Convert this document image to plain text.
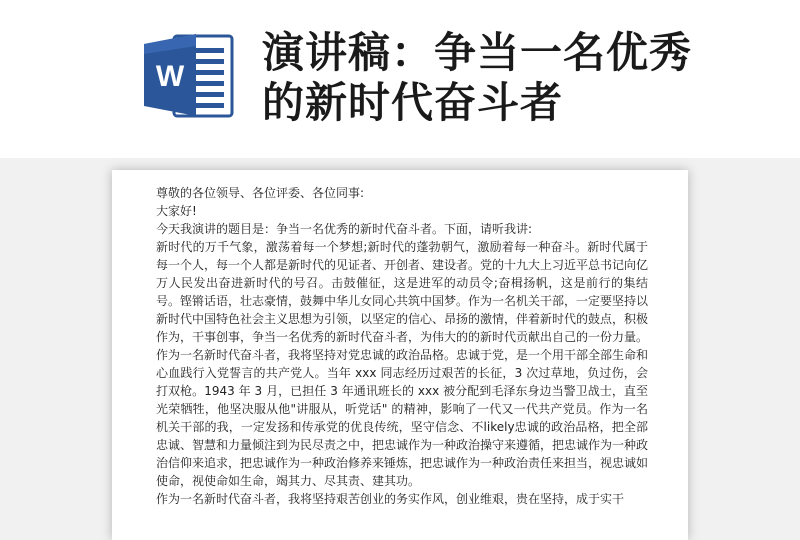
W 演讲稿：争当一名优秀的新时代奋斗者

尊敬的各位领导、各位评委、各位同事:

大家好!

今天我演讲的题目是：争当一名优秀的新时代奋斗者。下面，请听我讲:

新时代的万千气象，激荡着每一个梦想;新时代的蓬勃朝气，激励着每一种奋斗。新时代属于每一个人，每一个人都是新时代的见证者、开创者、建设者。党的十九大上习近平总书记向亿万人民发出奋进新时代的号召。击鼓催征，这是进军的动员令;奋楫扬帆，这是前行的集结号。铿锵话语，壮志豪情，鼓舞中华儿女同心共筑中国梦。作为一名机关干部，一定要坚持以新时代中国特色社会主义思想为引领，以坚定的信心、昂扬的激情，伴着新时代的鼓点，积极作为，干事创事，争当一名优秀的新时代奋斗者，为伟大的的新时代贡献出自己的一份力量。

作为一名新时代奋斗者，我将坚持对党忠诚的政治品格。忠诚于党，是一个用干部全部生命和心血践行入党誓言的共产党人。当年 xxx 同志经历过艰苦的长征，3 次过草地，负过伤，会打双枪。1943 年 3 月，已担任 3 年通讯班长的 xxx 被分配到毛泽东身边当警卫战士，直至光荣牺牲，他坚决服从他"讲服从，听党话" 的精神，影响了一代又一代共产党员。作为一名机关干部的我，一定发扬和传承党的优良传统，坚守信念、不likely忠诚的政治品格，把全部忠诚、智慧和力量倾注到为民尽责之中，把忠诚作为一种政治操守来遵循，把忠诚作为一种政治信仰来追求，把忠诚作为一种政治修养来锤炼，把忠诚作为一种政治责任来担当，视忠诚如使命，视使命如生命，竭其力、尽其责、建其功。

作为一名新时代奋斗者，我将坚持艰苦创业的务实作风，创业维艰，贵在坚持，成于实干
